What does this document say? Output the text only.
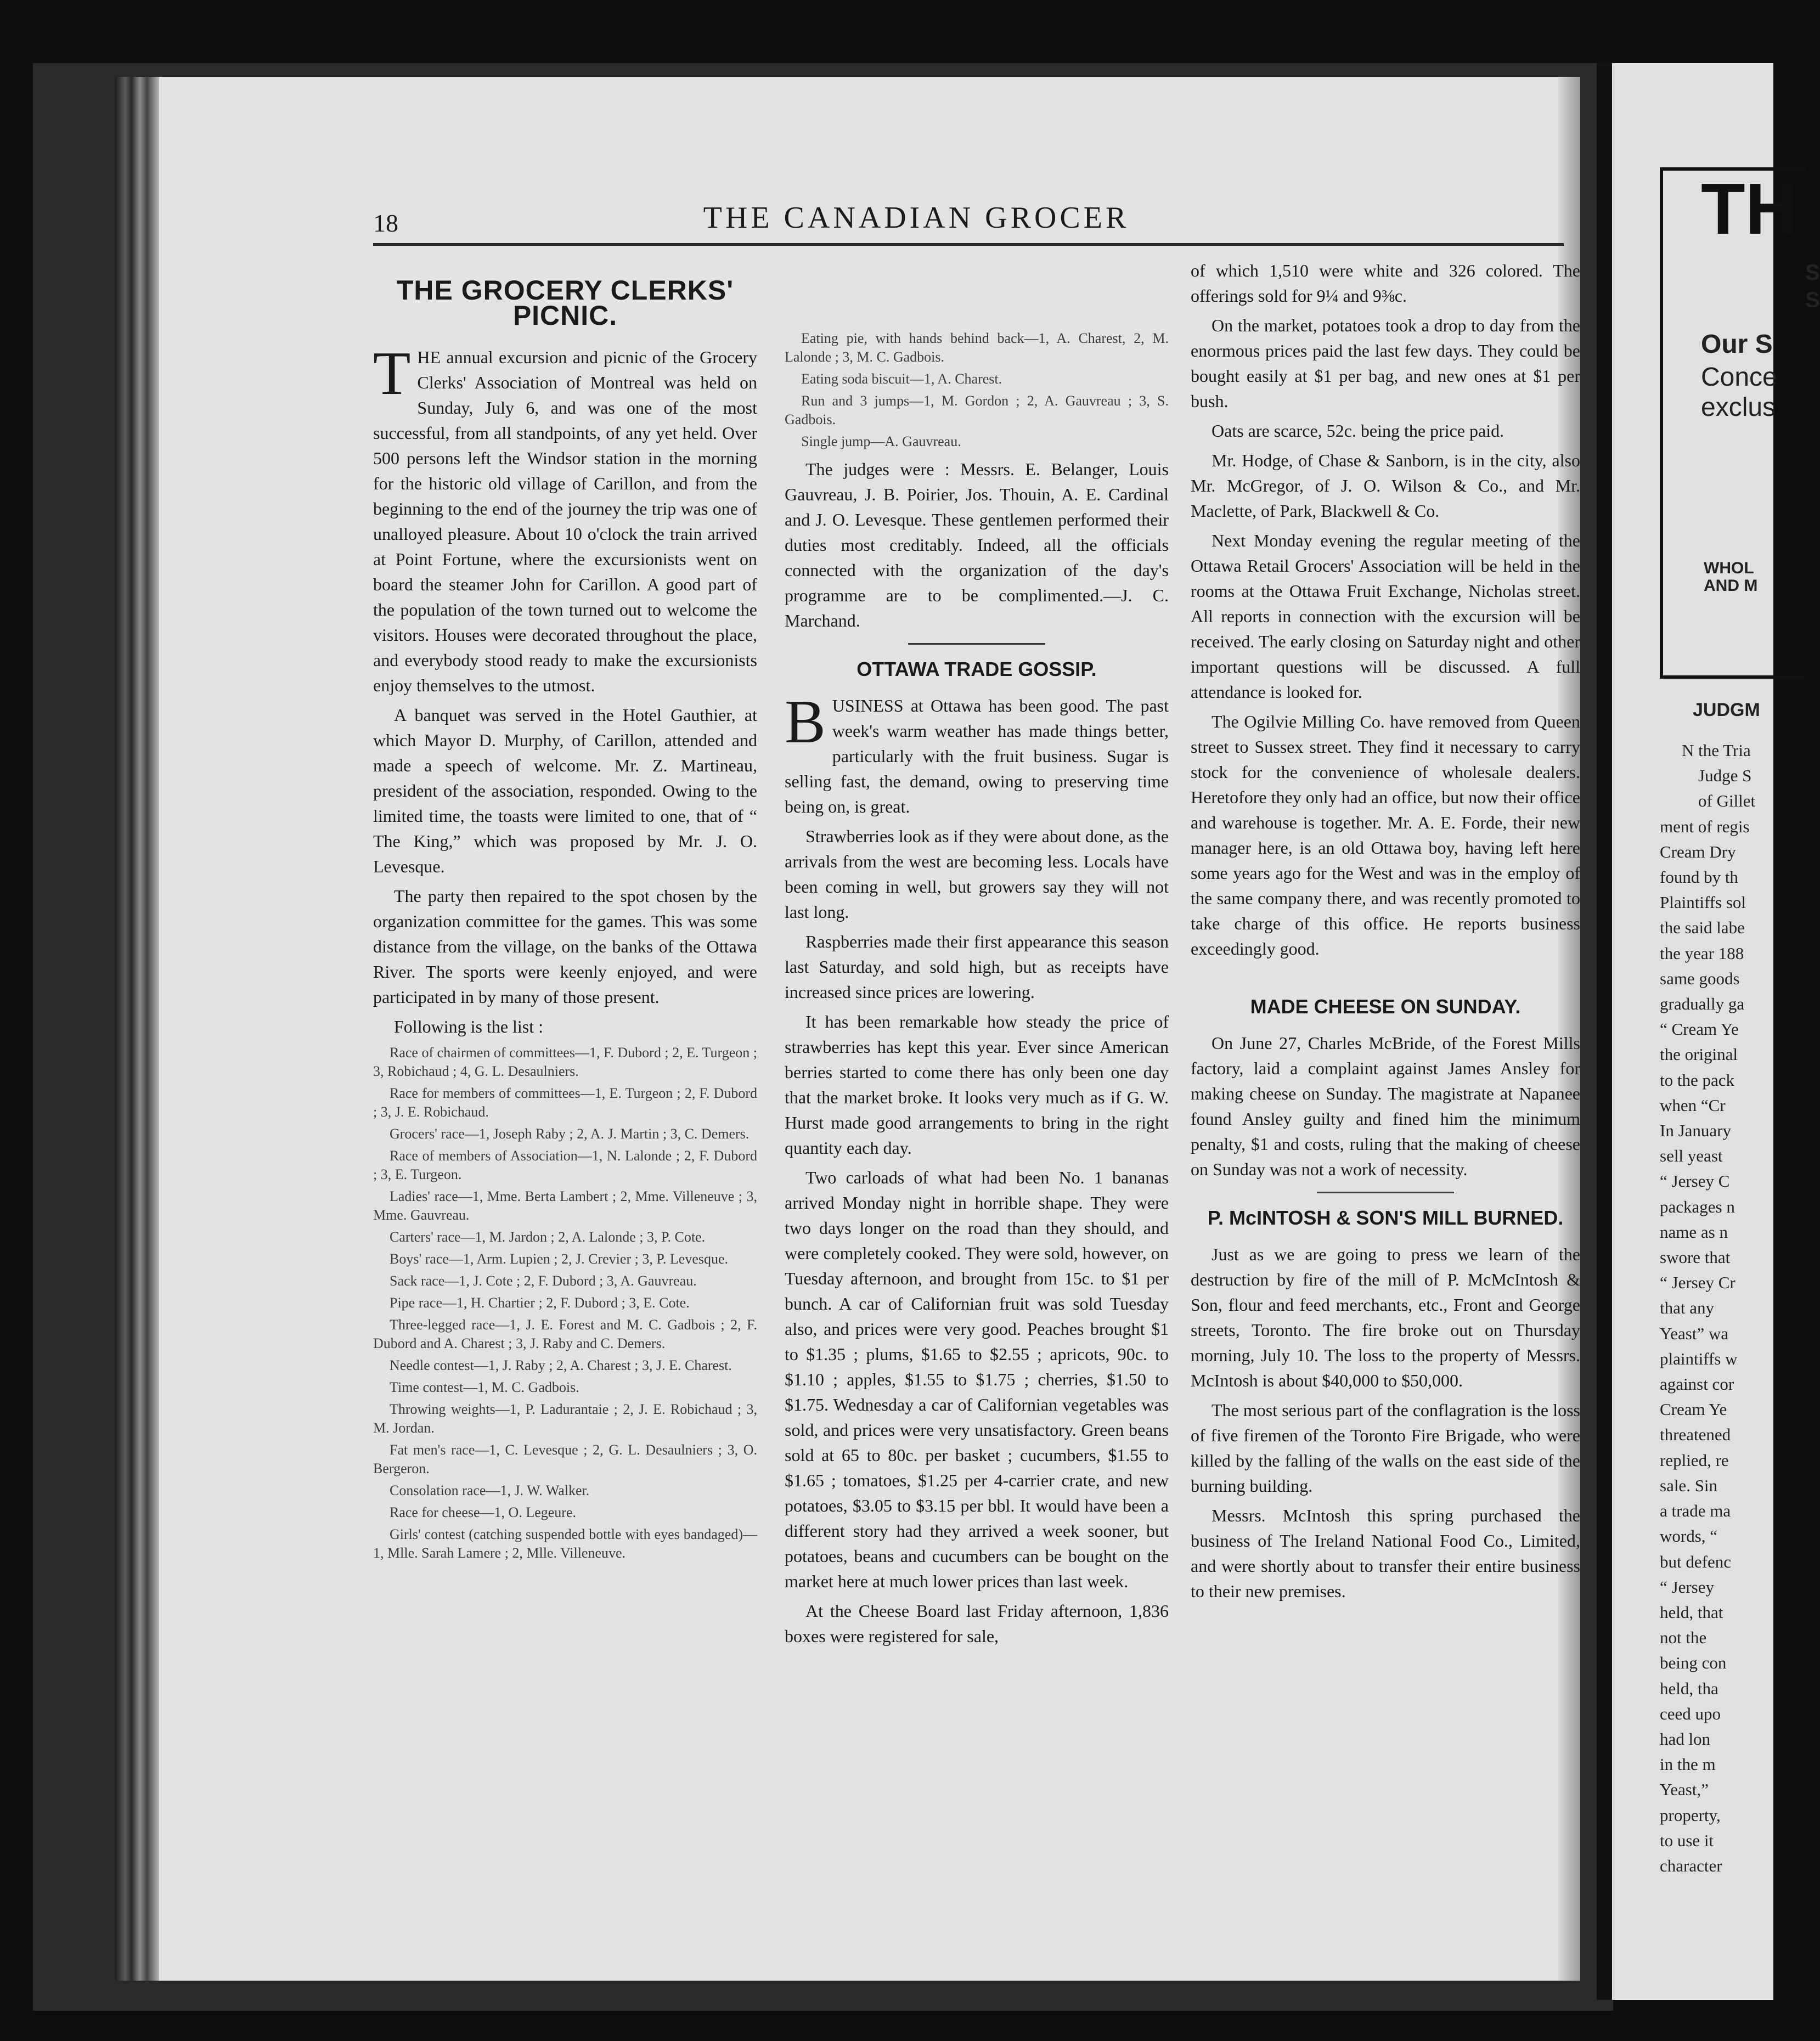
18	THE CANADIAN GROCER
THE GROCERY CLERKS' PICNIC.

THE annual excursion and picnic of the Grocery Clerks' Association of Montreal was held on Sunday, July 6, and was one of the most successful, from all standpoints, of any yet held. Over 500 persons left the Windsor station in the morning for the historic old village of Carillon, and from the beginning to the end of the journey the trip was one of unalloyed pleasure. About 10 o'clock the train arrived at Point Fortune, where the excursionists went on board the steamer John for Carillon. A good part of the population of the town turned out to welcome the visitors. Houses were decorated throughout the place, and everybody stood ready to make the excursionists enjoy themselves to the utmost.

A banquet was served in the Hotel Gauthier, at which Mayor D. Murphy, of Carillon, attended and made a speech of welcome. Mr. Z. Martineau, president of the association, responded. Owing to the limited time, the toasts were limited to one, that of “ The King,” which was proposed by Mr. J. O. Levesque.

The party then repaired to the spot chosen by the organization committee for the games. This was some distance from the village, on the banks of the Ottawa River. The sports were keenly enjoyed, and were participated in by many of those present.

Following is the list :

Race of chairmen of committees—1, F. Dubord ; 2, E. Turgeon ; 3, Robichaud ; 4, G. L. Desaulniers.
Race for members of committees—1, E. Turgeon ; 2, F. Dubord ; 3, J. E. Robichaud.
Grocers' race—1, Joseph Raby ; 2, A. J. Martin ; 3, C. Demers.
Race of members of Association—1, N. Lalonde ; 2, F. Dubord ; 3, E. Turgeon.
Ladies' race—1, Mme. Berta Lambert ; 2, Mme. Villeneuve ; 3, Mme. Gauvreau.
Carters' race—1, M. Jardon ; 2, A. Lalonde ; 3, P. Cote.
Boys' race—1, Arm. Lupien ; 2, J. Crevier ; 3, P. Levesque.
Sack race—1, J. Cote ; 2, F. Dubord ; 3, A. Gauvreau.
Pipe race—1, H. Chartier ; 2, F. Dubord ; 3, E. Cote.
Three-legged race—1, J. E. Forest and M. C. Gadbois ; 2, F. Dubord and A. Charest ; 3, J. Raby and C. Demers.
Needle contest—1, J. Raby ; 2, A. Charest ; 3, J. E. Charest.
Time contest—1, M. C. Gadbois.
Throwing weights—1, P. Ladurantaie ; 2, J. E. Robichaud ; 3, M. Jordan.
Fat men's race—1, C. Levesque ; 2, G. L. Desaulniers ; 3, O. Bergeron.
Consolation race—1, J. W. Walker.
Race for cheese—1, O. Legeure.
Girls' contest (catching suspended bottle with eyes bandaged)—1, Mlle. Sarah Lamere ; 2, Mlle. Villeneuve.
Eating pie, with hands behind back—1, A. Charest, 2, M. Lalonde ; 3, M. C. Gadbois.
Eating soda biscuit—1, A. Charest.
Run and 3 jumps—1, M. Gordon ; 2, A. Gauvreau ; 3, S. Gadbois.
Single jump—A. Gauvreau.

The judges were : Messrs. E. Belanger, Louis Gauvreau, J. B. Poirier, Jos. Thouin, A. E. Cardinal and J. O. Levesque. These gentlemen performed their duties most creditably. Indeed, all the officials connected with the organization of the day's programme are to be complimented.—J. C. Marchand.

OTTAWA TRADE GOSSIP.

BUSINESS at Ottawa has been good. The past week's warm weather has made things better, particularly with the fruit business. Sugar is selling fast, the demand, owing to preserving time being on, is great.

Strawberries look as if they were about done, as the arrivals from the west are becoming less. Locals have been coming in well, but growers say they will not last long.

Raspberries made their first appearance this season last Saturday, and sold high, but as receipts have increased since prices are lowering.

It has been remarkable how steady the price of strawberries has kept this year. Ever since American berries started to come there has only been one day that the market broke. It looks very much as if G. W. Hurst made good arrangements to bring in the right quantity each day.

Two carloads of what had been No. 1 bananas arrived Monday night in horrible shape. They were two days longer on the road than they should, and were completely cooked. They were sold, however, on Tuesday afternoon, and brought from 15c. to $1 per bunch. A car of Californian fruit was sold Tuesday also, and prices were very good. Peaches brought $1 to $1.35 ; plums, $1.65 to $2.55 ; apricots, 90c. to $1.10 ; apples, $1.55 to $1.75 ; cherries, $1.50 to $1.75. Wednesday a car of Californian vegetables was sold, and prices were very unsatisfactory. Green beans sold at 65 to 80c. per basket ; cucumbers, $1.55 to $1.65 ; tomatoes, $1.25 per 4-carrier crate, and new potatoes, $3.05 to $3.15 per bbl. It would have been a different story had they arrived a week sooner, but potatoes, beans and cucumbers can be bought on the market here at much lower prices than last week.

At the Cheese Board last Friday afternoon, 1,836 boxes were registered for sale,

of which 1,510 were white and 326 colored. The offerings sold for 9¼ and 9⅜c.

On the market, potatoes took a drop to day from the enormous prices paid the last few days. They could be bought easily at $1 per bag, and new ones at $1 per bush.

Oats are scarce, 52c. being the price paid.

Mr. Hodge, of Chase & Sanborn, is in the city, also Mr. McGregor, of J. O. Wilson & Co., and Mr. Maclette, of Park, Blackwell & Co.

Next Monday evening the regular meeting of the Ottawa Retail Grocers' Association will be held in the rooms at the Ottawa Fruit Exchange, Nicholas street. All reports in connection with the excursion will be received. The early closing on Saturday night and other important questions will be discussed. A full attendance is looked for.

The Ogilvie Milling Co. have removed from Queen street to Sussex street. They find it necessary to carry stock for the convenience of wholesale dealers. Heretofore they only had an office, but now their office and warehouse is together. Mr. A. E. Forde, their new manager here, is an old Ottawa boy, having left here some years ago for the West and was in the employ of the same company there, and was recently promoted to take charge of this office. He reports business exceedingly good.

MADE CHEESE ON SUNDAY.

On June 27, Charles McBride, of the Forest Mills factory, laid a complaint against James Ansley for making cheese on Sunday. The magistrate at Napanee found Ansley guilty and fined him the minimum penalty, $1 and costs, ruling that the making of cheese on Sunday was not a work of necessity.

P. McINTOSH & SON'S MILL BURNED.

Just as we are going to press we learn of the destruction by fire of the mill of P. McMcIntosh & Son, flour and feed merchants, etc., Front and George streets, Toronto. The fire broke out on Thursday morning, July 10. The loss to the property of Messrs. McIntosh is about $40,000 to $50,000.

The most serious part of the conflagration is the loss of five firemen of the Toronto Fire Brigade, who were killed by the falling of the walls on the east side of the burning building.

Messrs. McIntosh this spring purchased the business of The Ireland National Food Co., Limited, and were shortly about to transfer their entire business to their new premises.

TH
S
S
Our S
Conce
exclus
WHOL
AND M
JUDGM
N the Tria
Judge S
of Gillet
ment of regis
Cream Dry
found by th
Plaintiffs sol
the said labe
the year 188
same goods
gradually ga
“ Cream Ye
the original
to the pack
when “Cr
In January
sell yeast
“ Jersey C
packages n
name as n
swore that
“ Jersey Cr
that any
Yeast” wa
plaintiffs w
against cor
Cream Ye
threatened
replied, re
sale. Sin
a trade ma
words, “
but defenc
“ Jersey
held, that
not the
being con
held, tha
ceed upo
had lon
in the m
Yeast,”
property,
to use it
character
